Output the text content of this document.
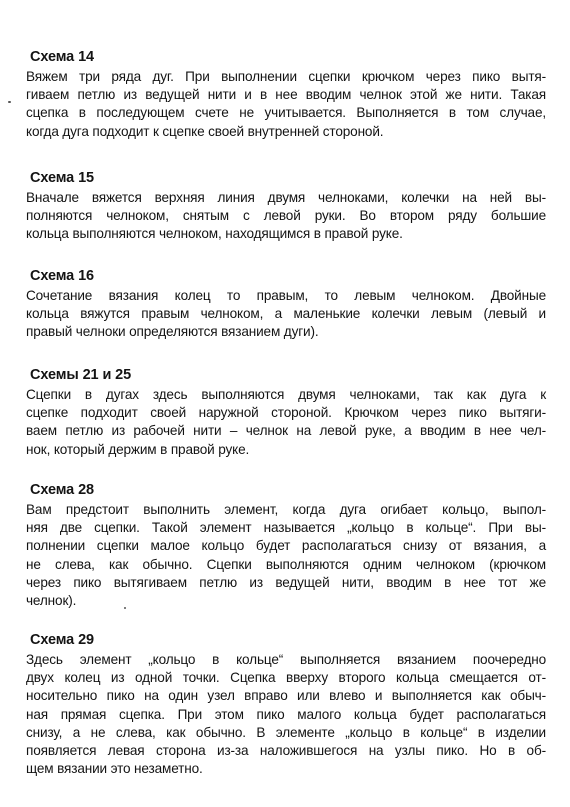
Схема 14
Вяжем три ряда дуг. При выполнении сцепки крючком через пико вытя-
гиваем петлю из ведущей нити и в нее вводим челнок этой же нити. Такая
сцепка в последующем счете не учитывается. Выполняется в том случае,
когда дуга подходит к сцепке своей внутренней стороной.
Схема 15
Вначале вяжется верхняя линия двумя челноками, колечки на ней вы-
полняются челноком, снятым с левой руки. Во втором ряду большие
кольца выполняются челноком, находящимся в правой руке.
Схема 16
Сочетание вязания колец то правым, то левым челноком. Двойные
кольца вяжутся правым челноком, а маленькие колечки левым (левый и
правый челноки определяются вязанием дуги).
Схемы 21 и 25
Сцепки в дугах здесь выполняются двумя челноками, так как дуга к
сцепке подходит своей наружной стороной. Крючком через пико вытяги-
ваем петлю из рабочей нити – челнок на левой руке, а вводим в нее чел-
нок, который держим в правой руке.
Схема 28
Вам предстоит выполнить элемент, когда дуга огибает кольцо, выпол-
няя две сцепки. Такой элемент называется „кольцо в кольце“. При вы-
полнении сцепки малое кольцо будет располагаться снизу от вязания, а
не слева, как обычно. Сцепки выполняются одним челноком (крючком
через пико вытягиваем петлю из ведущей нити, вводим в нее тот же
челнок).
Схема 29
Здесь элемент „кольцо в кольце“ выполняется вязанием поочередно
двух колец из одной точки. Сцепка вверху второго кольца смещается от-
носительно пико на один узел вправо или влево и выполняется как обыч-
ная прямая сцепка. При этом пико малого кольца будет располагаться
снизу, а не слева, как обычно. В элементе „кольцо в кольце“ в изделии
появляется левая сторона из-за наложившегося на узлы пико. Но в об-
щем вязании это незаметно.
